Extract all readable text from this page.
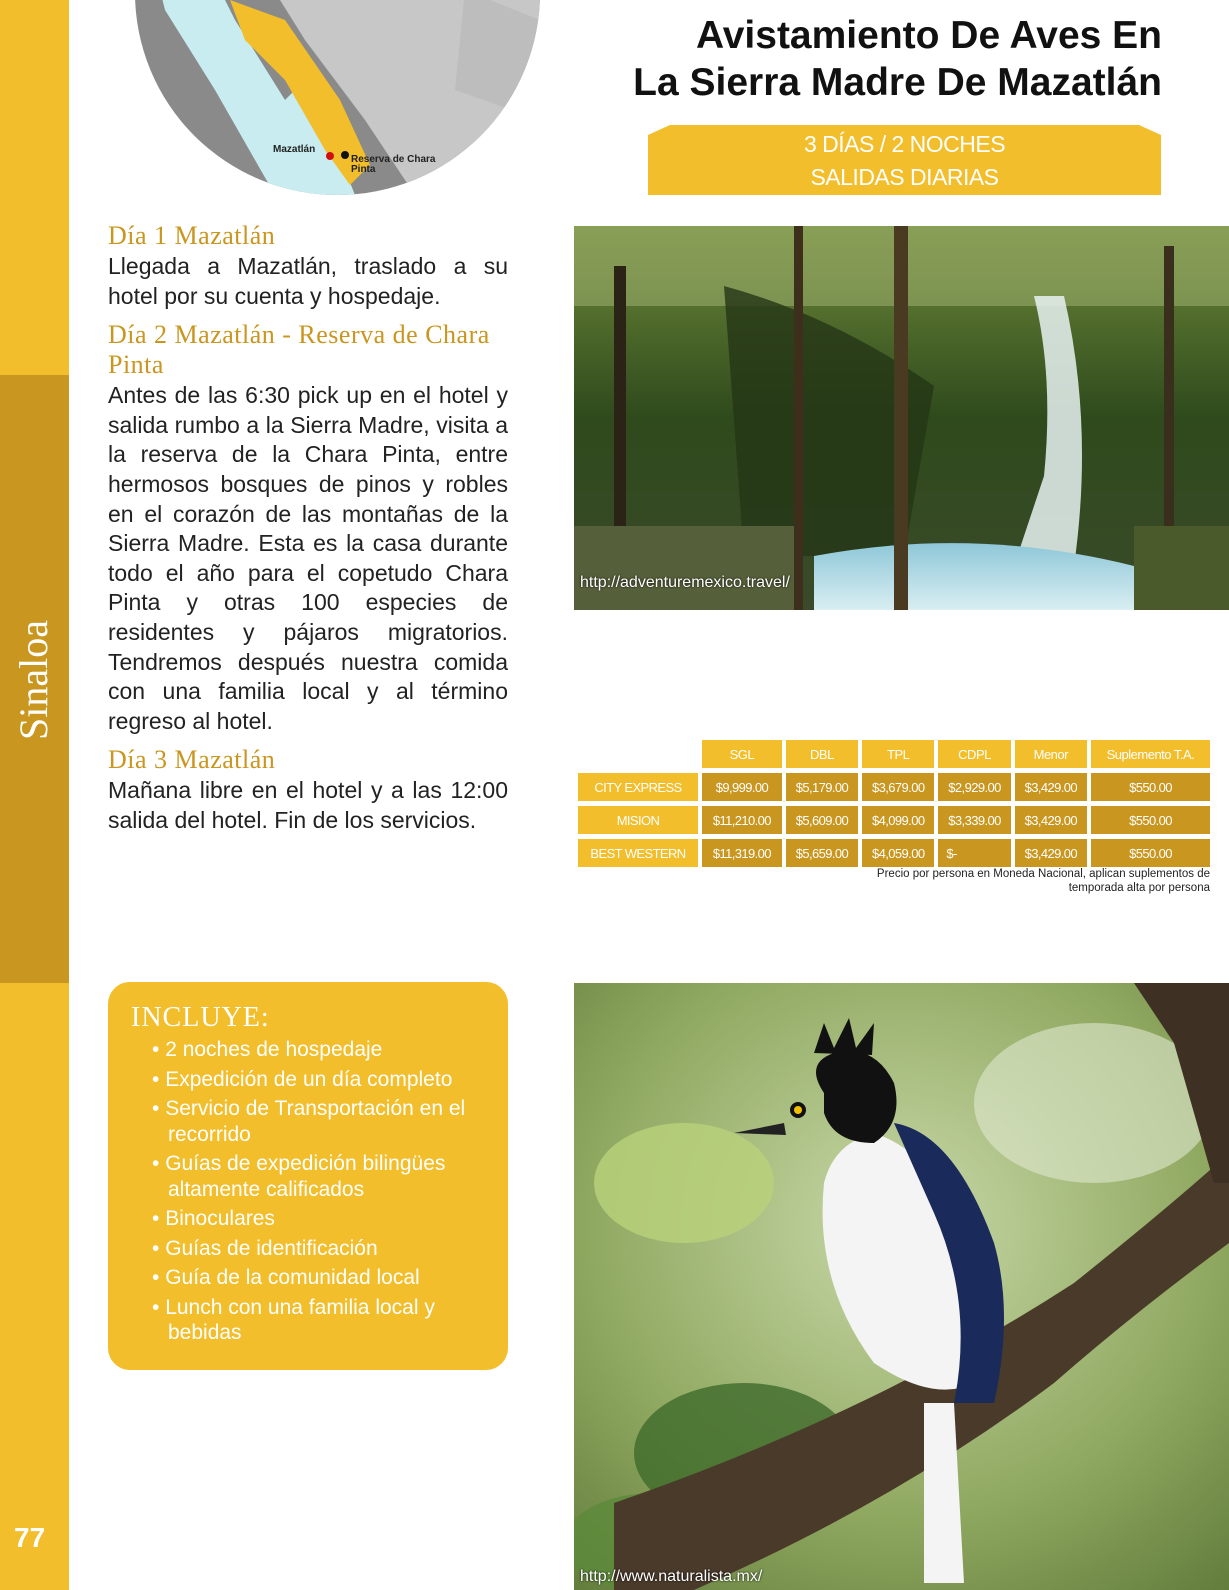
Sinaloa
77
Mazatlán
Reserva de Chara Pinta
Avistamiento De Aves En
La Sierra Madre De Mazatlán
3 DÍAS / 2 NOCHES
SALIDAS DIARIAS
Día 1 Mazatlán
Llegada a Mazatlán, traslado a su hotel por su cuenta y hospedaje.
Día 2 Mazatlán - Reserva de Chara Pinta
Antes de las 6:30 pick up en el hotel y salida rumbo a la Sierra Madre, visita a la reserva de la Chara Pinta, entre hermosos bosques de pinos y robles en el corazón de las montañas de la Sierra Madre. Esta es la casa durante todo el año para el copetudo Chara Pinta y otras 100 especies de residentes y pájaros migratorios. Tendremos después nuestra comida con una familia local y al término regreso al hotel.
Día 3 Mazatlán
Mañana libre en el hotel y a las 12:00 salida del hotel. Fin de los servicios.
INCLUYE:
• 2 noches de hospedaje
• Expedición de un día completo
• Servicio de Transportación en el recorrido
• Guías de expedición bilingües altamente calificados
• Binoculares
• Guías de identificación
• Guía de la comunidad local
• Lunch con una familia local y bebidas
http://adventuremexico.travel/
	SGL	DBL	TPL	CDPL	Menor	Suplemento T.A.
CITY EXPRESS	$9,999.00	$5,179.00	$3,679.00	$2,929.00	$3,429.00	$550.00
MISION	$11,210.00	$5,609.00	$4,099.00	$3,339.00	$3,429.00	$550.00
BEST WESTERN	$11,319.00	$5,659.00	$4,059.00	$-	$3,429.00	$550.00
Precio por persona en Moneda Nacional, aplican suplementos de
temporada alta por persona
http://www.naturalista.mx/
